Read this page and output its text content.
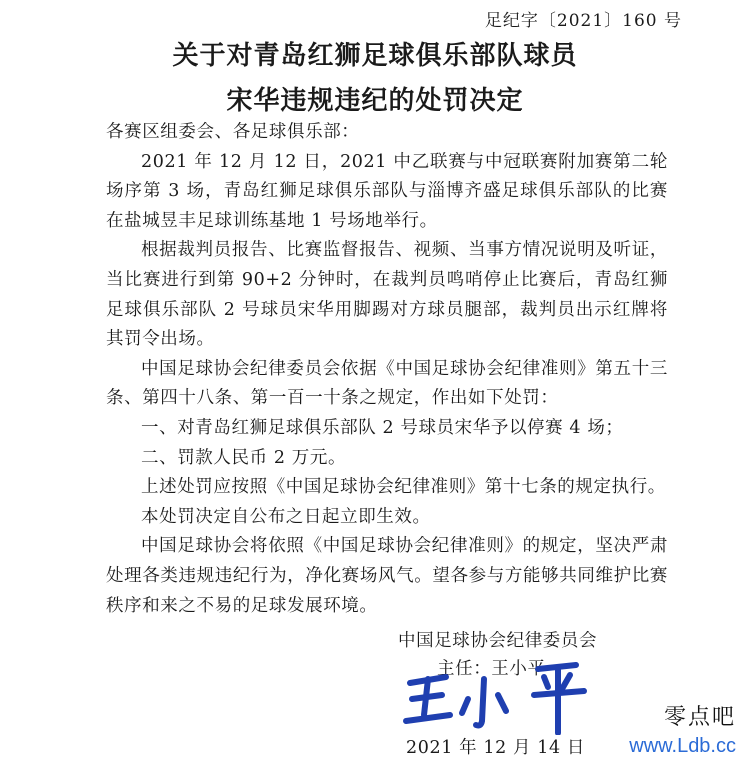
足纪字〔2021〕160 号
关于对青岛红狮足球俱乐部队球员
宋华违规违纪的处罚决定

各赛区组委会、各足球俱乐部：

2021 年 12 月 12 日，2021 中乙联赛与中冠联赛附加赛第二轮场序第 3 场，青岛红狮足球俱乐部队与淄博齐盛足球俱乐部队的比赛在盐城昱丰足球训练基地 1 号场地举行。

根据裁判员报告、比赛监督报告、视频、当事方情况说明及听证，当比赛进行到第 90+2 分钟时，在裁判员鸣哨停止比赛后，青岛红狮足球俱乐部队 2 号球员宋华用脚踢对方球员腿部，裁判员出示红牌将其罚令出场。

中国足球协会纪律委员会依据《中国足球协会纪律准则》第五十三条、第四十八条、第一百一十条之规定，作出如下处罚：

一、对青岛红狮足球俱乐部队 2 号球员宋华予以停赛 4 场；

二、罚款人民币 2 万元。

上述处罚应按照《中国足球协会纪律准则》第十七条的规定执行。

本处罚决定自公布之日起立即生效。

中国足球协会将依照《中国足球协会纪律准则》的规定，坚决严肃处理各类违规违纪行为，净化赛场风气。望各参与方能够共同维护比赛秩序和来之不易的足球发展环境。

中国足球协会纪律委员会
主任：王小平
2021 年 12 月 14 日
零点吧
www.Ldb.cc
